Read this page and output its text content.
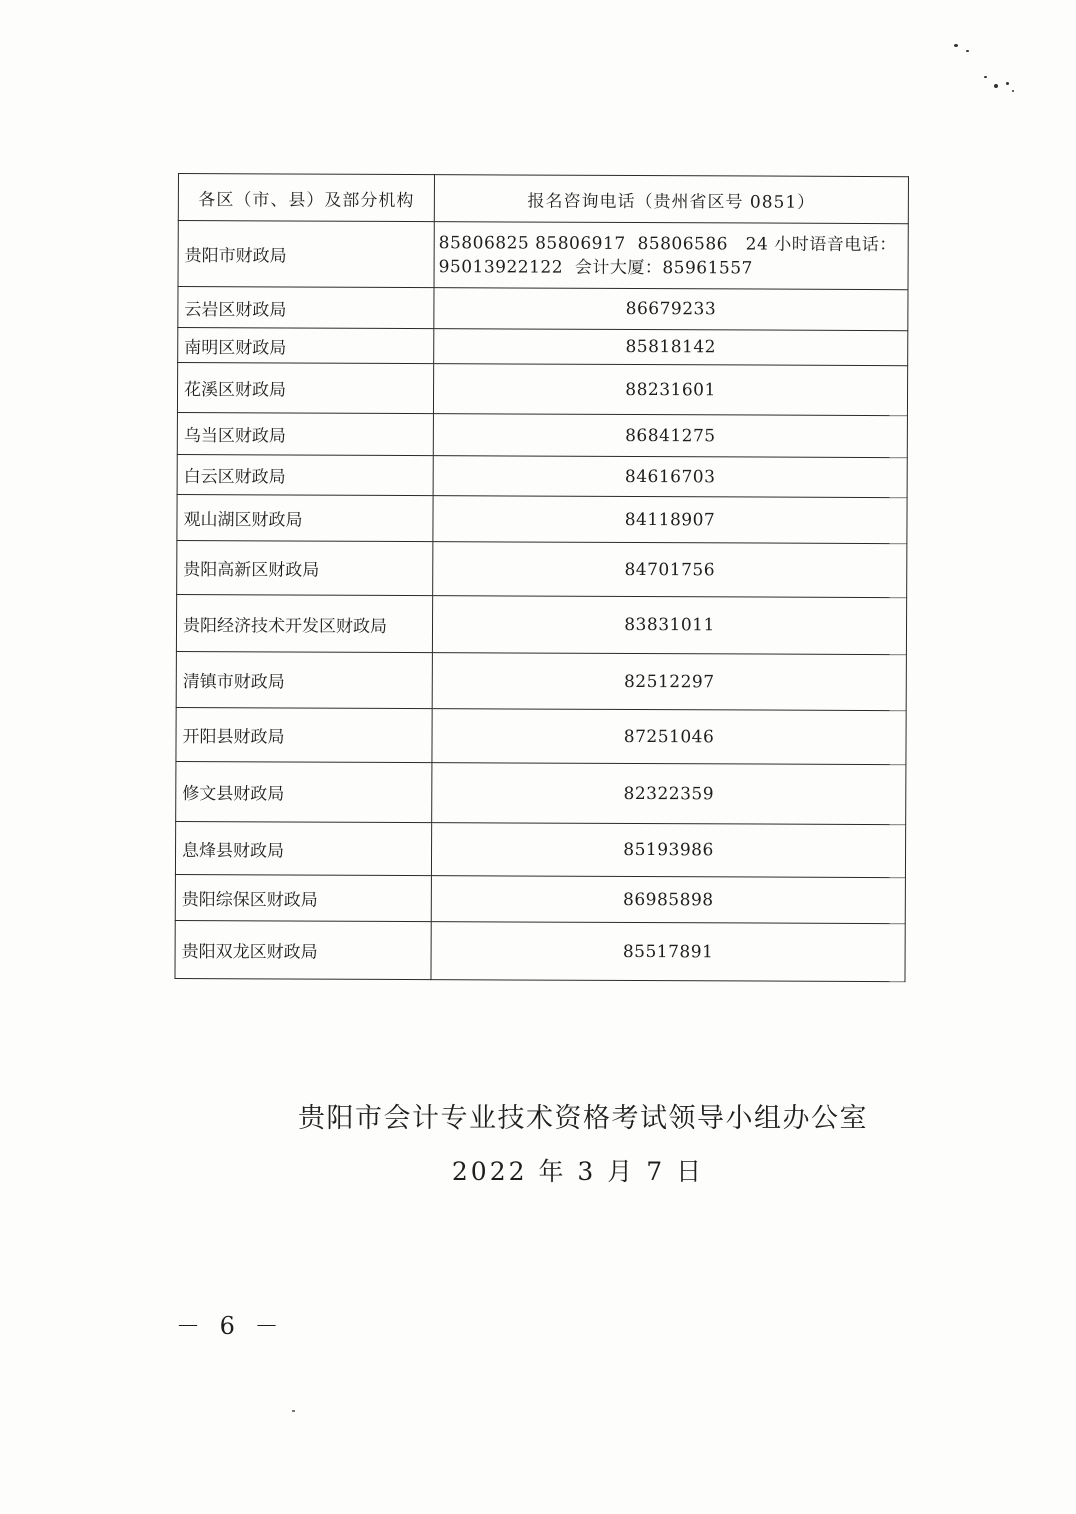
各区（市、县）及部分机构	报名咨询电话（贵州省区号 0851）
贵阳市财政局	85806825 85806917  85806586   24 小时语音电话：
95013922122  会计大厦：85961557

云岩区财政局	86679233
南明区财政局	85818142
花溪区财政局	88231601
乌当区财政局	86841275
白云区财政局	84616703
观山湖区财政局	84118907
贵阳高新区财政局	84701756
贵阳经济技术开发区财政局	83831011
清镇市财政局	82512297
开阳县财政局	87251046
修文县财政局	82322359
息烽县财政局	85193986
贵阳综保区财政局	86985898
贵阳双龙区财政局	85517891
贵阳市会计专业技术资格考试领导小组办公室
2022 年 3 月 7 日
－ 6 －
